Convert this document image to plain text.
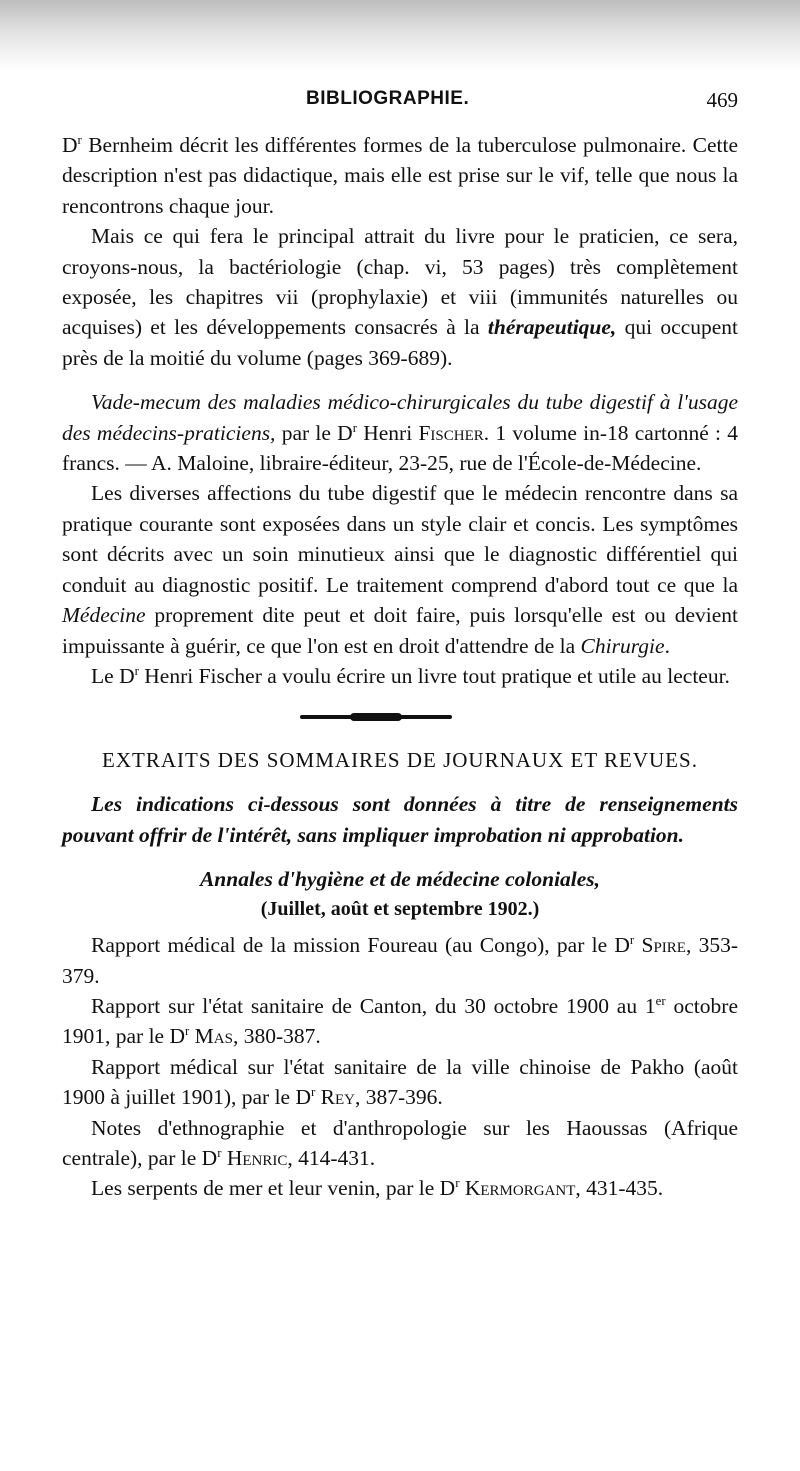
BIBLIOGRAPHIE.	469

$D^r$ Bernheim décrit les différentes formes de la tuberculose pulmonaire. Cette description n'est pas didactique, mais elle est prise sur le vif, telle que nous la rencontrons chaque jour.

Mais ce qui fera le principal attrait du livre pour le praticien, ce sera, croyons-nous, la bactériologie (chap. vi, 53 pages) très complètement exposée, les chapitres vii (prophylaxie) et viii (immunités naturelles ou acquises) et les développements consacrés à la thérapeutique, qui occupent près de la moitié du volume (pages 369-689).

Vade-mecum des maladies médico-chirurgicales du tube digestif à l'usage des médecins-praticiens, par le $D^r$ Henri Fischer. 1 volume in-18 cartonné : 4 francs. — A. Maloine, libraire-éditeur, 23-25, rue de l'École-de-Médecine.

Les diverses affections du tube digestif que le médecin rencontre dans sa pratique courante sont exposées dans un style clair et concis. Les symptômes sont décrits avec un soin minutieux ainsi que le diagnostic différentiel qui conduit au diagnostic positif. Le traitement comprend d'abord tout ce que la Médecine proprement dite peut et doit faire, puis lorsqu'elle est ou devient impuissante à guérir, ce que l'on est en droit d'attendre de la Chirurgie.

Le $D^r$ Henri Fischer a voulu écrire un livre tout pratique et utile au lecteur.

EXTRAITS DES SOMMAIRES DE JOURNAUX ET REVUES.

Les indications ci-dessous sont données à titre de renseignements pouvant offrir de l'intérêt, sans impliquer improbation ni approbation.

Annales d'hygiène et de médecine coloniales,
(Juillet, août et septembre 1902.)

Rapport médical de la mission Foureau (au Congo), par le $D^r$ Spire, 353-379.

Rapport sur l'état sanitaire de Canton, du 30 octobre 1900 au 1er octobre 1901, par le $D^r$ Mas, 380-387.

Rapport médical sur l'état sanitaire de la ville chinoise de Pakho (août 1900 à juillet 1901), par le $D^r$ Rey, 387-396.

Notes d'ethnographie et d'anthropologie sur les Haoussas (Afrique centrale), par le $D^r$ Henric, 414-431.

Les serpents de mer et leur venin, par le $D^r$ Kermorgant, 431-435.
